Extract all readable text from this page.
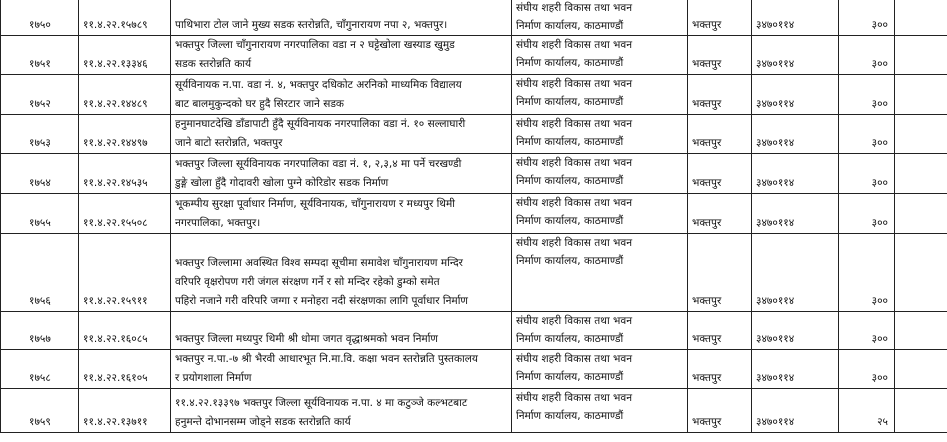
१७५०	११.४.२२.१५७८९	पाथिभारा टोल जाने मुख्य सडक स्तरोन्नति, चाँगुनारायण नपा २, भक्तपुर।	संघीय शहरी विकास तथा भवन
निर्माण कार्यालय, काठमाण्डौं	भक्तपुर	३४७०११४	३००	
१७५१	११.४.२२.१३३४६	भक्तपुर जिल्ला चाँगुनारायण नगरपालिका वडा न २ घट्टेखोला खस्याड खुमुड
सडक स्तरोन्नति कार्य	संघीय शहरी विकास तथा भवन
निर्माण कार्यालय, काठमाण्डौं	भक्तपुर	३४७०११४	३००	
१७५२	११.४.२२.१४४८९	सूर्यविनायक न.पा. वडा नं. ४, भक्तपुर दधिकोट अरनिको माध्यमिक विद्यालय
बाट बालमुकुन्दको घर हुदै सिरटार जाने सडक	संघीय शहरी विकास तथा भवन
निर्माण कार्यालय, काठमाण्डौं	भक्तपुर	३४७०११४	३००	
१७५३	११.४.२२.१४४९७	हनुमानघाटदेखि डाँडापाटी हुँदै सूर्यविनायक नगरपालिका वडा नं. १० सल्लाघारी
जाने बाटो स्तरोन्नति, भक्तपुर	संघीय शहरी विकास तथा भवन
निर्माण कार्यालय, काठमाण्डौं	भक्तपुर	३४७०११४	३००	
१७५४	११.४.२२.१४५३५	भक्तपुर जिल्ला सूर्यविनायक नगरपालिका वडा नं. १, २,३,४ मा पर्ने चरखण्डी
डुङ्गे खोला हुँदै गोदावरी खोला पुग्ने कोरिडोर सडक निर्माण	संघीय शहरी विकास तथा भवन
निर्माण कार्यालय, काठमाण्डौं	भक्तपुर	३४७०११४	३००	
१७५५	११.४.२२.१५५०८	भूकम्पीय सुरक्षा पूर्वाधार निर्माण, सूर्यविनायक, चाँगुनारायण र मध्यपुर थिमी
नगरपालिका, भक्तपुर।	संघीय शहरी विकास तथा भवन
निर्माण कार्यालय, काठमाण्डौं	भक्तपुर	३४७०११४	३००	
१७५६	११.४.२२.१५९११	भक्तपुर जिल्लामा अवस्थित विश्व सम्पदा सूचीमा समावेश चाँगुनारायण मन्दिर
वरिपरि वृक्षरोपण गरी जंगल संरक्षण गर्ने र सो मन्दिर रहेको डुम्को समेत
पहिरो नजाने गरी वरिपरि जग्गा र मनोहरा नदी संरक्षणका लागि पूर्वाधार निर्माण	संघीय शहरी विकास तथा भवन
निर्माण कार्यालय, काठमाण्डौं	भक्तपुर	३४७०११४	३००	
१७५७	११.४.२२.१६०८५	भक्तपुर जिल्ला मध्यपुर थिमी श्री धोमा जगत वृद्धाश्रमको भवन निर्माण	संघीय शहरी विकास तथा भवन
निर्माण कार्यालय, काठमाण्डौं	भक्तपुर	३४७०११४	३००	
१७५८	११.४.२२.१६१०५	भक्तपुर न.पा.-७ श्री भैरवी आधारभूत नि.मा.वि. कक्षा भवन स्तरोन्नति पुस्तकालय
र प्रयोगशाला निर्माण	संघीय शहरी विकास तथा भवन
निर्माण कार्यालय, काठमाण्डौं	भक्तपुर	३४७०११४	३००	
१७५९	११.४.२२.१३७११	११.४.२२.१३३९७ भक्तपुर जिल्ला सूर्यविनायक न.पा. ४ मा कटुञ्जे कल्भटबाट
हनुमन्ते दोभानसम्म जोड्ने सडक स्तरोन्नति कार्य	संघीय शहरी विकास तथा भवन
निर्माण कार्यालय, काठमाण्डौं	भक्तपुर	३४७०११४	२५	
